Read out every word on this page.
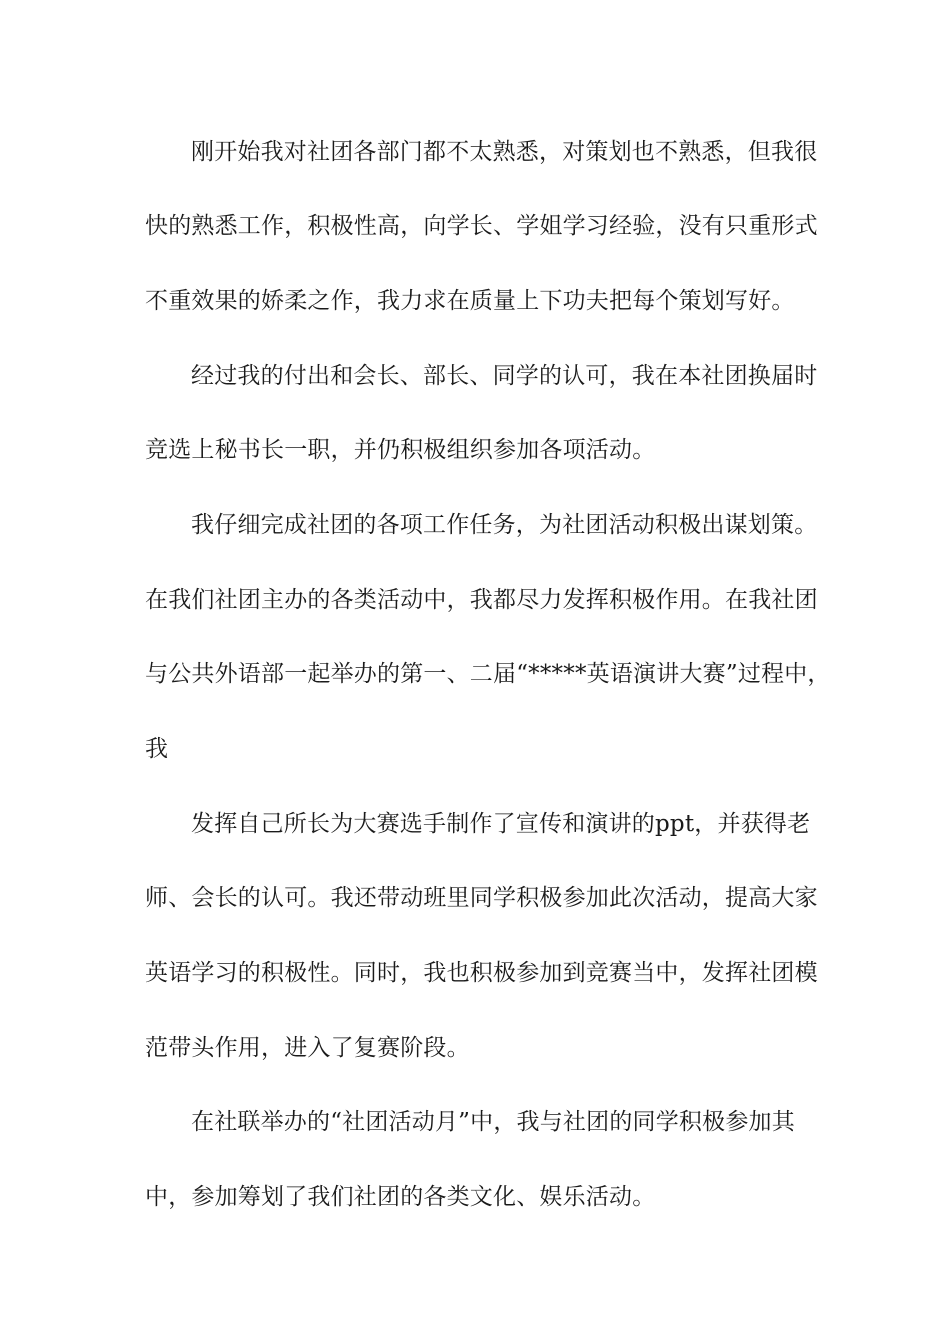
刚开始我对社团各部门都不太熟悉，对策划也不熟悉，但我很
快的熟悉工作，积极性高，向学长、学姐学习经验，没有只重形式
不重效果的娇柔之作，我力求在质量上下功夫把每个策划写好。
经过我的付出和会长、部长、同学的认可，我在本社团换届时
竞选上秘书长一职，并仍积极组织参加各项活动。
我仔细完成社团的各项工作任务，为社团活动积极出谋划策。
在我们社团主办的各类活动中，我都尽力发挥积极作用。在我社团
与公共外语部一起举办的第一、二届“*****英语演讲大赛”过程中，
我
发挥自己所长为大赛选手制作了宣传和演讲的ppt，并获得老
师、会长的认可。我还带动班里同学积极参加此次活动，提高大家
英语学习的积极性。同时，我也积极参加到竞赛当中，发挥社团模
范带头作用，进入了复赛阶段。
在社联举办的“社团活动月”中，我与社团的同学积极参加其
中，参加筹划了我们社团的各类文化、娱乐活动。
